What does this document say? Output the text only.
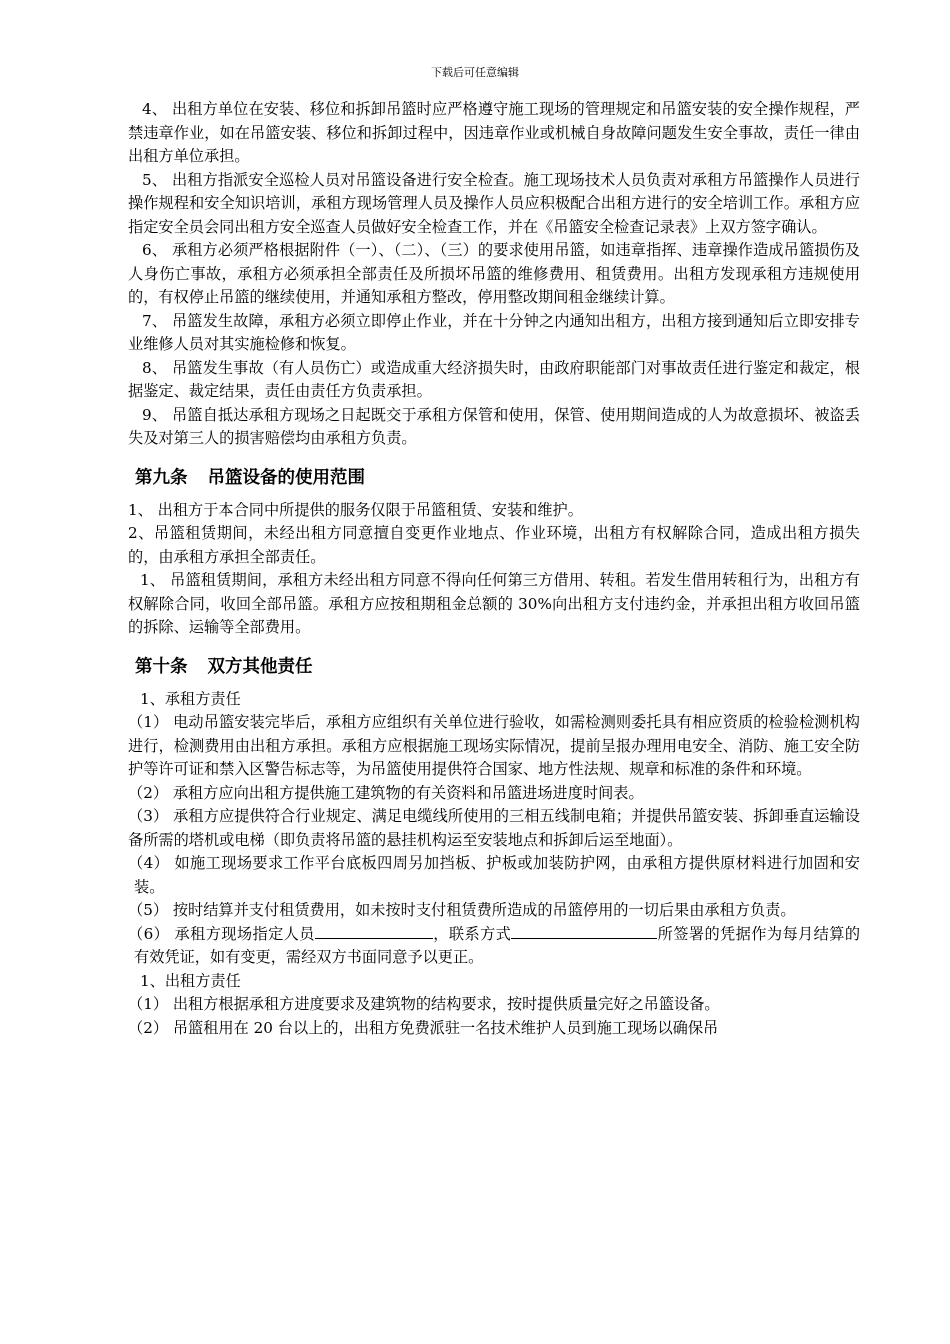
下载后可任意编辑

4、 出租方单位在安装、移位和拆卸吊篮时应严格遵守施工现场的管理规定和吊篮安装的安全操作规程，严禁违章作业，如在吊篮安装、移位和拆卸过程中，因违章作业或机械自身故障问题发生安全事故，责任一律由出租方单位承担。

5、 出租方指派安全巡检人员对吊篮设备进行安全检查。施工现场技术人员负责对承租方吊篮操作人员进行操作规程和安全知识培训，承租方现场管理人员及操作人员应积极配合出租方进行的安全培训工作。承租方应指定安全员会同出租方安全巡查人员做好安全检查工作，并在《吊篮安全检查记录表》上双方签字确认。

6、 承租方必须严格根据附件（一）、（二）、（三）的要求使用吊篮，如违章指挥、违章操作造成吊篮损伤及人身伤亡事故，承租方必须承担全部责任及所损坏吊篮的维修费用、租赁费用。出租方发现承租方违规使用的，有权停止吊篮的继续使用，并通知承租方整改，停用整改期间租金继续计算。

7、 吊篮发生故障，承租方必须立即停止作业，并在十分钟之内通知出租方，出租方接到通知后立即安排专业维修人员对其实施检修和恢复。

8、 吊篮发生事故（有人员伤亡）或造成重大经济损失时，由政府职能部门对事故责任进行鉴定和裁定，根据鉴定、裁定结果，责任由责任方负责承担。

9、 吊篮自抵达承租方现场之日起既交于承租方保管和使用，保管、使用期间造成的人为故意损坏、被盗丢失及对第三人的损害赔偿均由承租方负责。

第九条 吊篮设备的使用范围

1、 出租方于本合同中所提供的服务仅限于吊篮租赁、安装和维护。

2、吊篮租赁期间，未经出租方同意擅自变更作业地点、作业环境，出租方有权解除合同，造成出租方损失的，由承租方承担全部责任。

1、 吊篮租赁期间，承租方未经出租方同意不得向任何第三方借用、转租。若发生借用转租行为，出租方有权解除合同，收回全部吊篮。承租方应按租期租金总额的 30%向出租方支付违约金，并承担出租方收回吊篮的拆除、运输等全部费用。

第十条 双方其他责任

1、承租方责任

（1） 电动吊篮安装完毕后，承租方应组织有关单位进行验收，如需检测则委托具有相应资质的检验检测机构进行，检测费用由出租方承担。承租方应根据施工现场实际情况，提前呈报办理用电安全、消防、施工安全防护等许可证和禁入区警告标志等，为吊篮使用提供符合国家、地方性法规、规章和标准的条件和环境。

（2） 承租方应向出租方提供施工建筑物的有关资料和吊篮进场进度时间表。

（3） 承租方应提供符合行业规定、满足电缆线所使用的三相五线制电箱；并提供吊篮安装、拆卸垂直运输设备所需的塔机或电梯（即负责将吊篮的悬挂机构运至安装地点和拆卸后运至地面）。

（4） 如施工现场要求工作平台底板四周另加挡板、护板或加装防护网，由承租方提供原材料进行加固和安装。

（5） 按时结算并支付租赁费用，如未按时支付租赁费所造成的吊篮停用的一切后果由承租方负责。

（6） 承租方现场指定人员	，联系方式	所签署的凭据作为每月结算的有效凭证，如有变更，需经双方书面同意予以更正。

1、出租方责任

（1） 出租方根据承租方进度要求及建筑物的结构要求，按时提供质量完好之吊篮设备。

（2） 吊篮租用在 20 台以上的，出租方免费派驻一名技术维护人员到施工现场以确保吊
